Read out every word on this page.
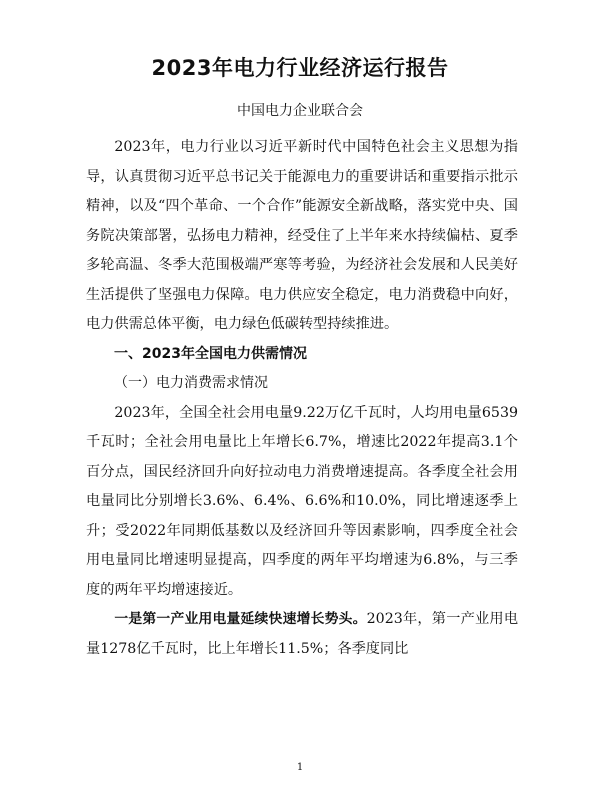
2023年电力行业经济运行报告

中国电力企业联合会

2023年，电力行业以习近平新时代中国特色社会主义思想为指导，认真贯彻习近平总书记关于能源电力的重要讲话和重要指示批示精神，以及“四个革命、一个合作”能源安全新战略，落实党中央、国务院决策部署，弘扬电力精神，经受住了上半年来水持续偏枯、夏季多轮高温、冬季大范围极端严寒等考验，为经济社会发展和人民美好生活提供了坚强电力保障。电力供应安全稳定，电力消费稳中向好，电力供需总体平衡，电力绿色低碳转型持续推进。

一、2023年全国电力供需情况

（一）电力消费需求情况

2023年，全国全社会用电量9.22万亿千瓦时，人均用电量6539千瓦时；全社会用电量比上年增长6.7%，增速比2022年提高3.1个百分点，国民经济回升向好拉动电力消费增速提高。各季度全社会用电量同比分别增长3.6%、6.4%、6.6%和10.0%，同比增速逐季上升；受2022年同期低基数以及经济回升等因素影响，四季度全社会用电量同比增速明显提高，四季度的两年平均增速为6.8%，与三季度的两年平均增速接近。

一是第一产业用电量延续快速增长势头。2023年，第一产业用电量1278亿千瓦时，比上年增长11.5%；各季度同比

1
